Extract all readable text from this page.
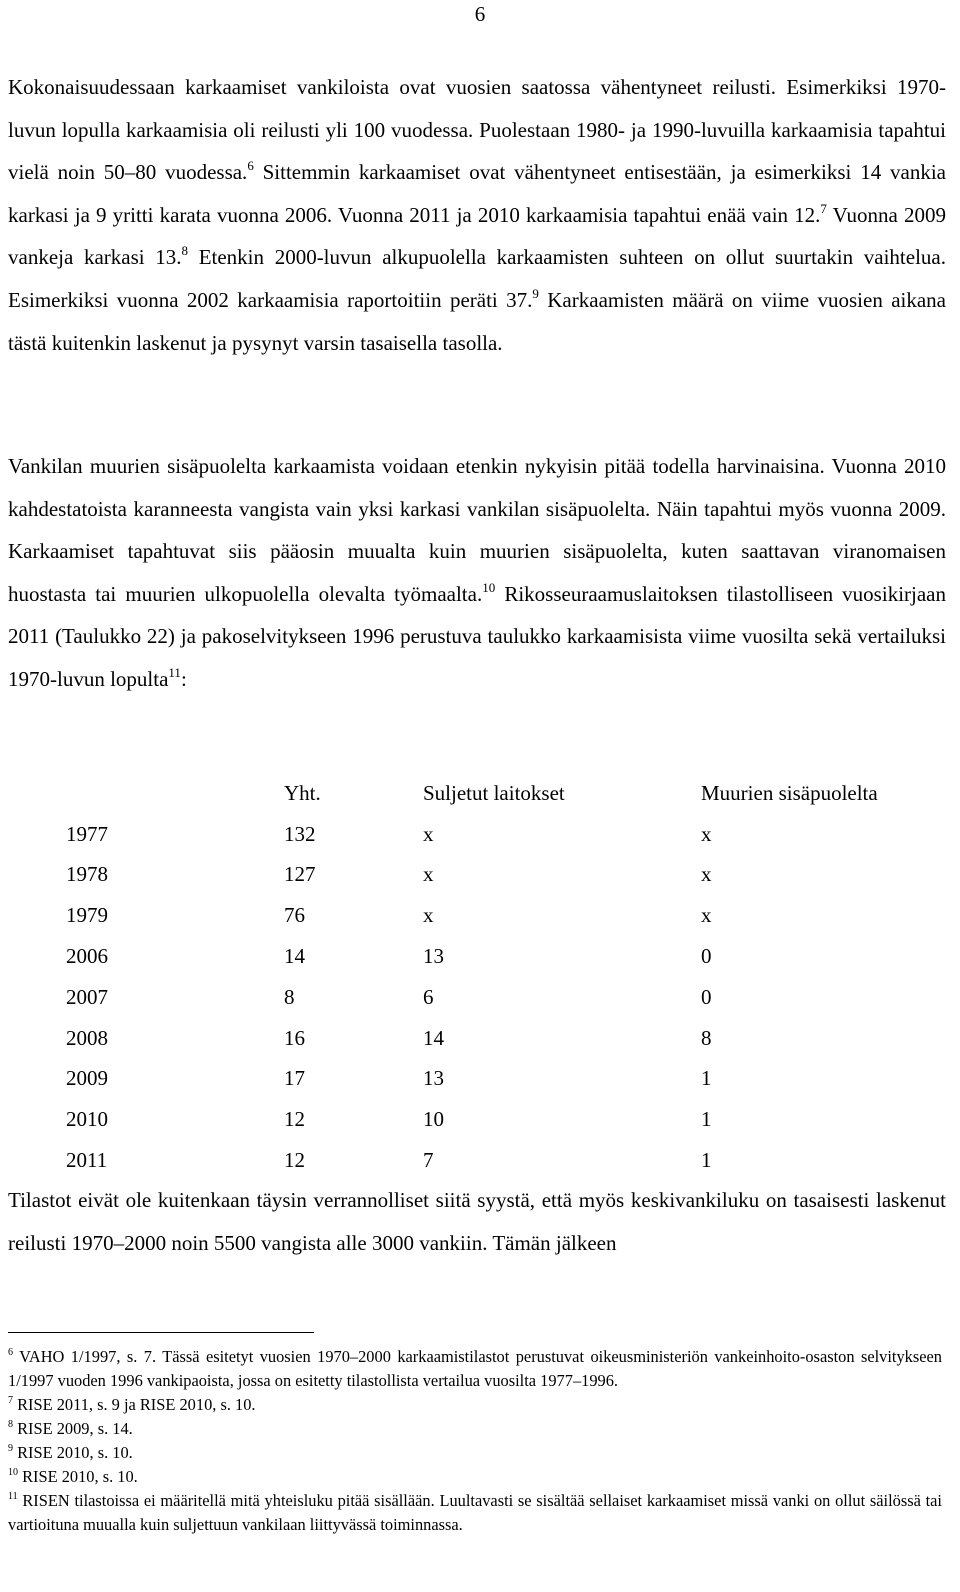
6

Kokonaisuudessaan karkaamiset vankiloista ovat vuosien saatossa vähentyneet reilusti. Esimerkiksi 1970-luvun lopulla karkaamisia oli reilusti yli 100 vuodessa. Puolestaan 1980- ja 1990-luvuilla karkaamisia tapahtui vielä noin 50–80 vuodessa.$^6$ Sittemmin karkaamiset ovat vähentyneet entisestään, ja esimerkiksi 14 vankia karkasi ja 9 yritti karata vuonna 2006. Vuonna 2011 ja 2010 karkaamisia tapahtui enää vain 12.$^7$ Vuonna 2009 vankeja karkasi 13.$^8$ Etenkin 2000-luvun alkupuolella karkaamisten suhteen on ollut suurtakin vaihtelua. Esimerkiksi vuonna 2002 karkaamisia raportoitiin peräti 37.$^9$ Karkaamisten määrä on viime vuosien aikana tästä kuitenkin laskenut ja pysynyt varsin tasaisella tasolla.

Vankilan muurien sisäpuolelta karkaamista voidaan etenkin nykyisin pitää todella harvinaisina. Vuonna 2010 kahdestatoista karanneesta vangista vain yksi karkasi vankilan sisäpuolelta. Näin tapahtui myös vuonna 2009. Karkaamiset tapahtuvat siis pääosin muualta kuin muurien sisäpuolelta, kuten saattavan viranomaisen huostasta tai muurien ulkopuolella olevalta työmaalta.$^{10}$ Rikosseuraamuslaitoksen tilastolliseen vuosikirjaan 2011 (Taulukko 22) ja pakoselvitykseen 1996 perustuva taulukko karkaamisista viime vuosilta sekä vertailuksi 1970-luvun lopulta$^{11}$:

	Yht.	Suljetut laitokset	Muurien sisäpuolelta
1977	132	x	x
1978	127	x	x
1979	76	x	x
2006	14	13	0
2007	8	6	0
2008	16	14	8
2009	17	13	1
2010	12	10	1
2011	12	7	1

Tilastot eivät ole kuitenkaan täysin verrannolliset siitä syystä, että myös keskivankiluku on tasaisesti laskenut reilusti 1970–2000 noin 5500 vangista alle 3000 vankiin. Tämän jälkeen

$^6$ VAHO 1/1997, s. 7. Tässä esitetyt vuosien 1970–2000 karkaamistilastot perustuvat oikeusministeriön vankeinhoito-osaston selvitykseen 1/1997 vuoden 1996 vankipaoista, jossa on esitetty tilastollista vertailua vuosilta 1977–1996.

$^7$ RISE 2011, s. 9 ja RISE 2010, s. 10.

$^8$ RISE 2009, s. 14.

$^9$ RISE 2010, s. 10.

$^{10}$ RISE 2010, s. 10.

$^{11}$ RISEN tilastoissa ei määritellä mitä yhteisluku pitää sisällään. Luultavasti se sisältää sellaiset karkaamiset missä vanki on ollut säilössä tai vartioituna muualla kuin suljettuun vankilaan liittyvässä toiminnassa.
